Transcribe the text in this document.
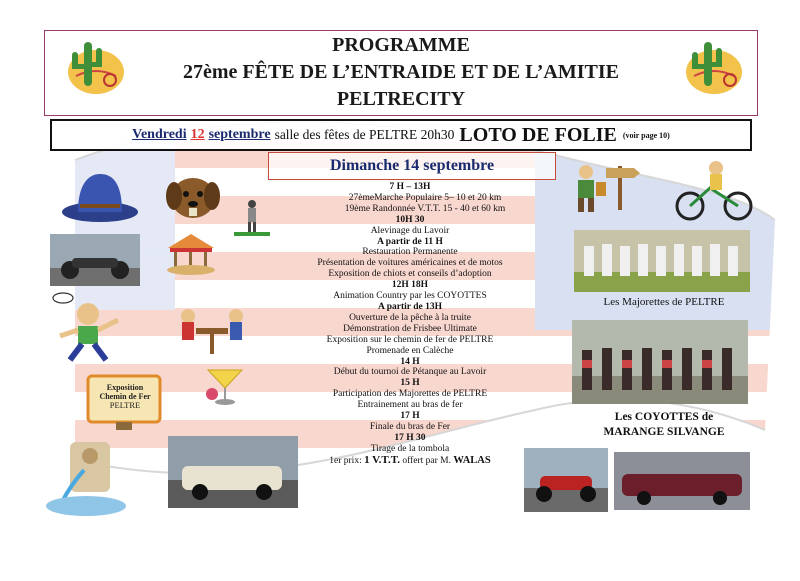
PROGRAMME
27ème FÊTE DE L’ENTRAIDE ET DE L’AMITIE
PELTRECITY
Vendredi 12 septembre salle des fêtes de PELTRE 20h30 LOTO DE FOLIE (voir page 10)
Dimanche 14 septembre
7 H – 13H
27èmeMarche Populaire 5– 10 et 20 km
19ème Randonnée V.T.T. 15 - 40 et 60 km
10H 30
Alevinage du Lavoir
A partir de 11 H
Restauration Permanente
Présentation de voitures américaines et de motos
Exposition de chiots et conseils d’adoption
12H 18H
Animation Country par les COYOTTES
A partir de 13H
Ouverture de la pêche à la truite
Démonstration de Frisbee Ultimate
Exposition sur le chemin de fer de PELTRE
Promenade en Calèche
14 H
Début du tournoi de Pétanque au Lavoir
15 H
Participation des Majorettes de PELTRE
Entrainement au bras de fer
17 H
Finale du bras de Fer
17 H 30
Tirage de la tombola
1er prix: 1 V.T.T. offert par M. WALAS
Exposition
Chemin de Fer
PELTRE
Les Majorettes de PELTRE
Les COYOTTES de
MARANGE SILVANGE
